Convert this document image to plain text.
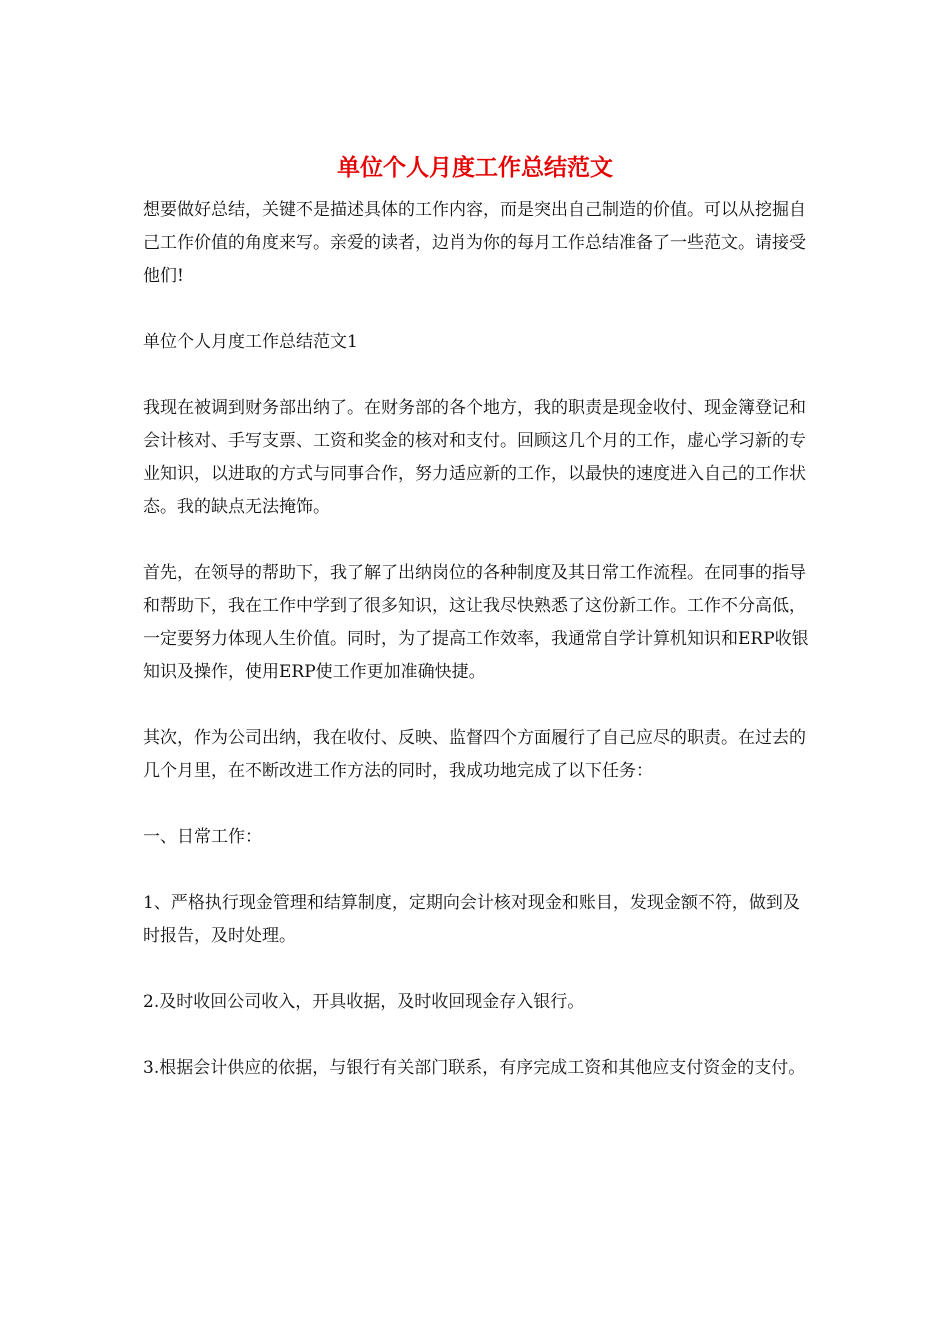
单位个人月度工作总结范文

想要做好总结，关键不是描述具体的工作内容，而是突出自己制造的价值。可以从挖掘自己工作价值的角度来写。亲爱的读者，边肖为你的每月工作总结准备了一些范文。请接受他们!

单位个人月度工作总结范文1

我现在被调到财务部出纳了。在财务部的各个地方，我的职责是现金收付、现金簿登记和会计核对、手写支票、工资和奖金的核对和支付。回顾这几个月的工作，虚心学习新的专业知识，以进取的方式与同事合作，努力适应新的工作，以最快的速度进入自己的工作状态。我的缺点无法掩饰。

首先，在领导的帮助下，我了解了出纳岗位的各种制度及其日常工作流程。在同事的指导和帮助下，我在工作中学到了很多知识，这让我尽快熟悉了这份新工作。工作不分高低，一定要努力体现人生价值。同时，为了提高工作效率，我通常自学计算机知识和ERP收银知识及操作，使用ERP使工作更加准确快捷。

其次，作为公司出纳，我在收付、反映、监督四个方面履行了自己应尽的职责。在过去的几个月里，在不断改进工作方法的同时，我成功地完成了以下任务：

一、日常工作：

1、严格执行现金管理和结算制度，定期向会计核对现金和账目，发现金额不符，做到及时报告，及时处理。

2.及时收回公司收入，开具收据，及时收回现金存入银行。

3.根据会计供应的依据，与银行有关部门联系，有序完成工资和其他应支付资金的支付。
